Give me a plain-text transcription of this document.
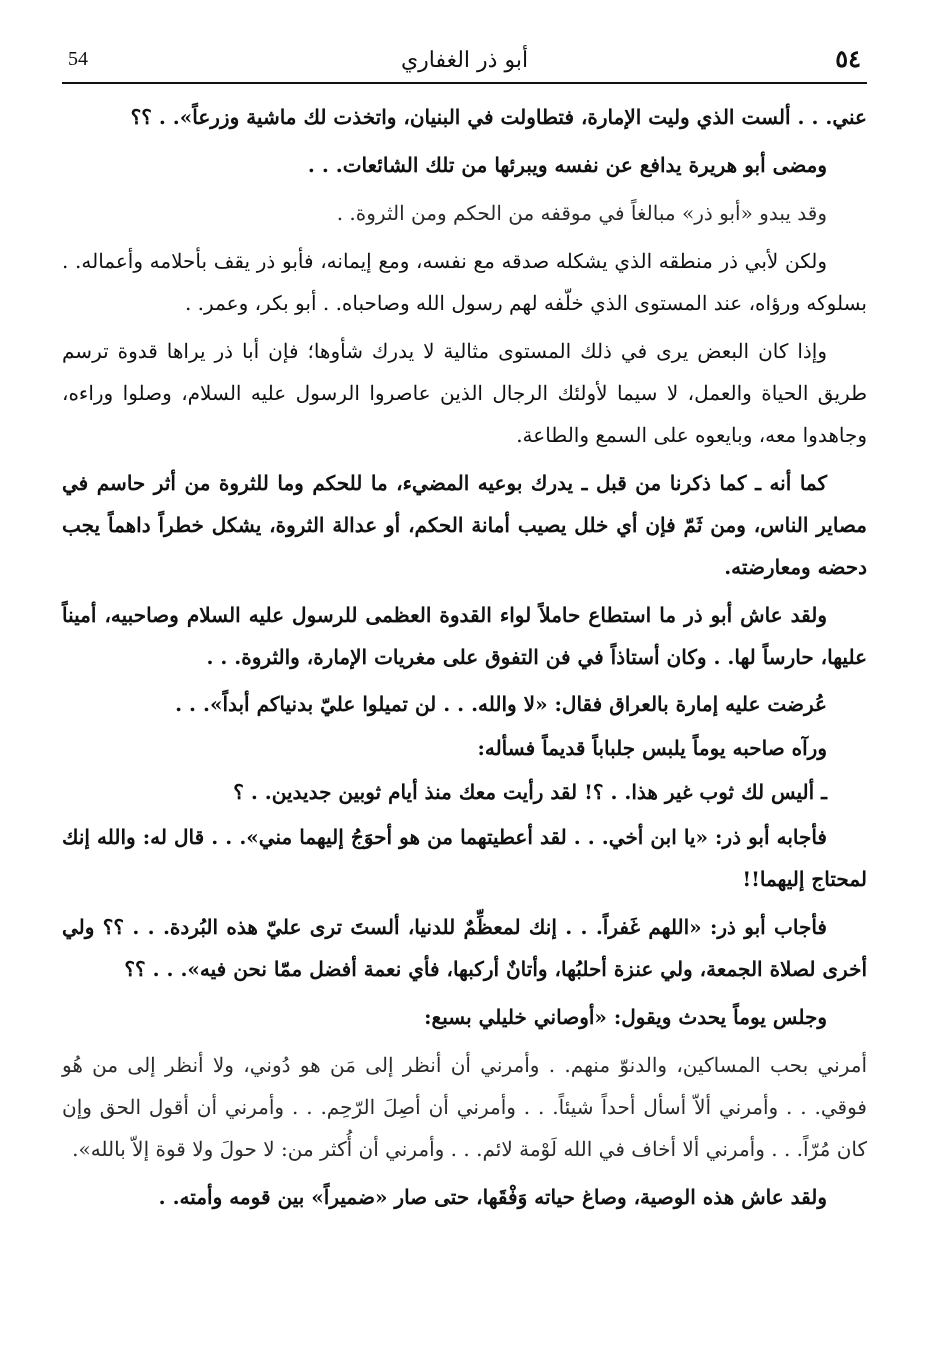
54	أبو ذر الغفاري	٥٤

عني. . . ألست الذي وليت الإمارة، فتطاولت في البنيان، واتخذت لك ماشية وزرعاً». . ؟؟

ومضى أبو هريرة يدافع عن نفسه ويبرئها من تلك الشائعات. . .

وقد يبدو «أبو ذر» مبالغاً في موقفه من الحكم ومن الثروة. .

ولكن لأبي ذر منطقه الذي يشكله صدقه مع نفسه، ومع إيمانه، فأبو ذر يقف بأحلامه وأعماله. . بسلوكه ورؤاه، عند المستوى الذي خلّفه لهم رسول الله وصاحباه. . أبو بكر، وعمر. .

وإذا كان البعض يرى في ذلك المستوى مثالية لا يدرك شأوها؛ فإن أبا ذر يراها قدوة ترسم طريق الحياة والعمل، لا سيما لأولئك الرجال الذين عاصروا الرسول عليه السلام، وصلوا وراءه، وجاهدوا معه، وبايعوه على السمع والطاعة.

كما أنه ـ كما ذكرنا من قبل ـ يدرك بوعيه المضيء، ما للحكم وما للثروة من أثر حاسم في مصاير الناس، ومن ثَمّ فإن أي خلل يصيب أمانة الحكم، أو عدالة الثروة، يشكل خطراً داهماً يجب دحضه ومعارضته.

ولقد عاش أبو ذر ما استطاع حاملاً لواء القدوة العظمى للرسول عليه السلام وصاحبيه، أميناً عليها، حارساً لها. . وكان أستاذاً في فن التفوق على مغريات الإمارة، والثروة. . .

عُرضت عليه إمارة بالعراق فقال: «لا والله. . . لن تميلوا عليّ بدنياكم أبداً». . .

ورآه صاحبه يوماً يلبس جلباباً قديماً فسأله:

ـ أليس لك ثوب غير هذا. . ؟! لقد رأيت معك منذ أيام ثوبين جديدين. . ؟

فأجابه أبو ذر: «يا ابن أخي. . . لقد أعطيتهما من هو أحوَجُ إليهما مني». . . قال له: والله إنك لمحتاج إليهما!!

فأجاب أبو ذر: «اللهم غَفراً. . . إنك لمعظِّمٌ للدنيا، ألستَ ترى عليّ هذه البُردة. . . ؟؟ ولي أخرى لصلاة الجمعة، ولي عنزة أحلبُها، وأتانٌ أركبها، فأي نعمة أفضل ممّا نحن فيه». . . ؟؟

وجلس يوماً يحدث ويقول: «أوصاني خليلي بسبع:

أمرني بحب المساكين، والدنوّ منهم. . وأمرني أن أنظر إلى مَن هو دُوني، ولا أنظر إلى من هُو فوقي. . . وأمرني ألاّ أسأل أحداً شيئاً. . . وأمرني أن أصِلَ الرّحِم. . . وأمرني أن أقول الحق وإن كان مُرّاً. . . وأمرني ألا أخاف في الله لَوْمة لائم. . . وأمرني أن أُكثر من: لا حولَ ولا قوة إلاّ بالله».

ولقد عاش هذه الوصية، وصاغ حياته وَفْقَها، حتى صار «ضميراً» بين قومه وأمته. .
